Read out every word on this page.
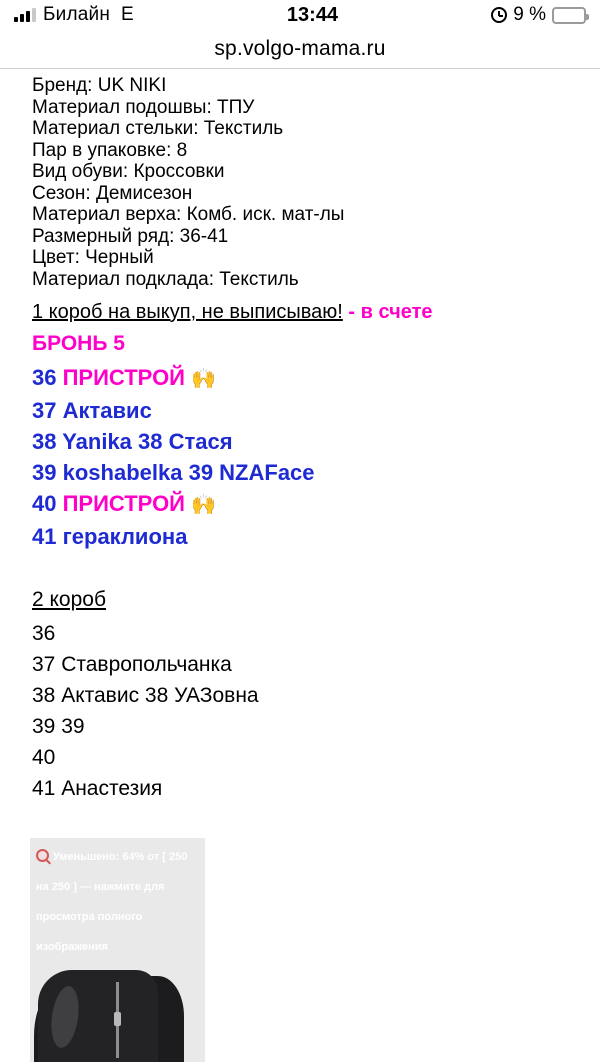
Билайн E	13:44	9 %
sp.volgo-mama.ru
Бренд: UK NIKI
Материал подошвы: ТПУ
Материал стельки: Текстиль
Пар в упаковке: 8
Вид обуви: Кроссовки
Сезон: Демисезон
Материал верха: Комб. иск. мат-лы
Размерный ряд: 36-41
Цвет: Черный
Материал подклада: Текстиль
1 короб на выкуп, не выписываю! - в счете
БРОНЬ 5
36 ПРИСТРОЙ 🙌
37 Актавис
38 Yanika 38 Стася
39 koshabelka 39 NZAFace
40 ПРИСТРОЙ 🙌
41 гераклиона
2 короб
36
37 Ставропольчанка
38 Актавис 38 УАЗовна
39 39
40
41 Анастезия
Уменьшено: 64% от [ 250 на 250 ] — нажмите для просмотра полного изображения
